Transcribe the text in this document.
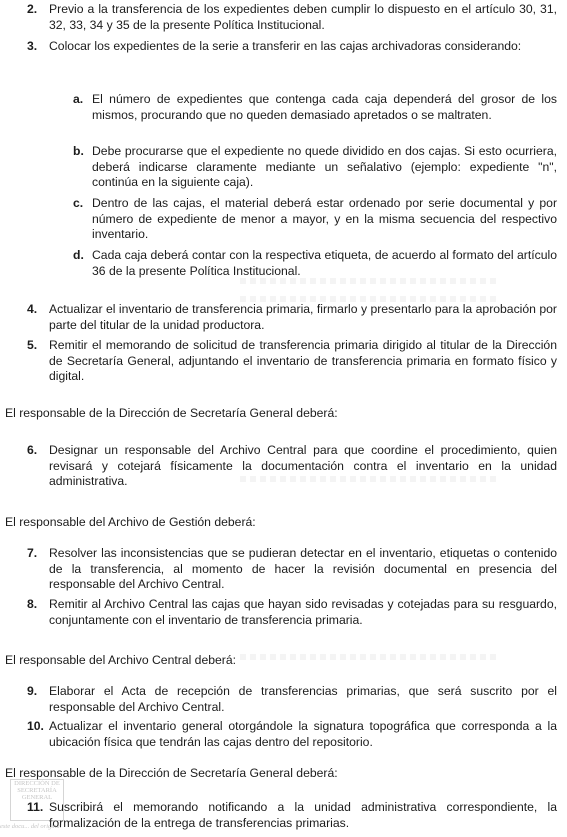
2. Previo a la transferencia de los expedientes deben cumplir lo dispuesto en el artículo 30, 31, 32, 33, 34 y 35 de la presente Política Institucional.
3. Colocar los expedientes de la serie a transferir en las cajas archivadoras considerando:
a. El número de expedientes que contenga cada caja dependerá del grosor de los mismos, procurando que no queden demasiado apretados o se maltraten.
b. Debe procurarse que el expediente no quede dividido en dos cajas. Si esto ocurriera, deberá indicarse claramente mediante un señalativo (ejemplo: expediente "n", continúa en la siguiente caja).
c. Dentro de las cajas, el material deberá estar ordenado por serie documental y por número de expediente de menor a mayor, y en la misma secuencia del respectivo inventario.
d. Cada caja deberá contar con la respectiva etiqueta, de acuerdo al formato del artículo 36 de la presente Política Institucional.
4. Actualizar el inventario de transferencia primaria, firmarlo y presentarlo para la aprobación por parte del titular de la unidad productora.
5. Remitir el memorando de solicitud de transferencia primaria dirigido al titular de la Dirección de Secretaría General, adjuntando el inventario de transferencia primaria en formato físico y digital.
El responsable de la Dirección de Secretaría General deberá:
6. Designar un responsable del Archivo Central para que coordine el procedimiento, quien revisará y cotejará físicamente la documentación contra el inventario en la unidad administrativa.
El responsable del Archivo de Gestión deberá:
7. Resolver las inconsistencias que se pudieran detectar en el inventario, etiquetas o contenido de la transferencia, al momento de hacer la revisión documental en presencia del responsable del Archivo Central.
8. Remitir al Archivo Central las cajas que hayan sido revisadas y cotejadas para su resguardo, conjuntamente con el inventario de transferencia primaria.
El responsable del Archivo Central deberá:
9. Elaborar el Acta de recepción de transferencias primarias, que será suscrito por el responsable del Archivo Central.
10. Actualizar el inventario general otorgándole la signatura topográfica que corresponda a la ubicación física que tendrán las cajas dentro del repositorio.
El responsable de la Dirección de Secretaría General deberá:
11. Suscribirá el memorando notificando a la unidad administrativa correspondiente, la formalización de la entrega de transferencias primarias.
DIRECCIÓN DE
SECRETARÍA
GENERAL
este docu... del original
